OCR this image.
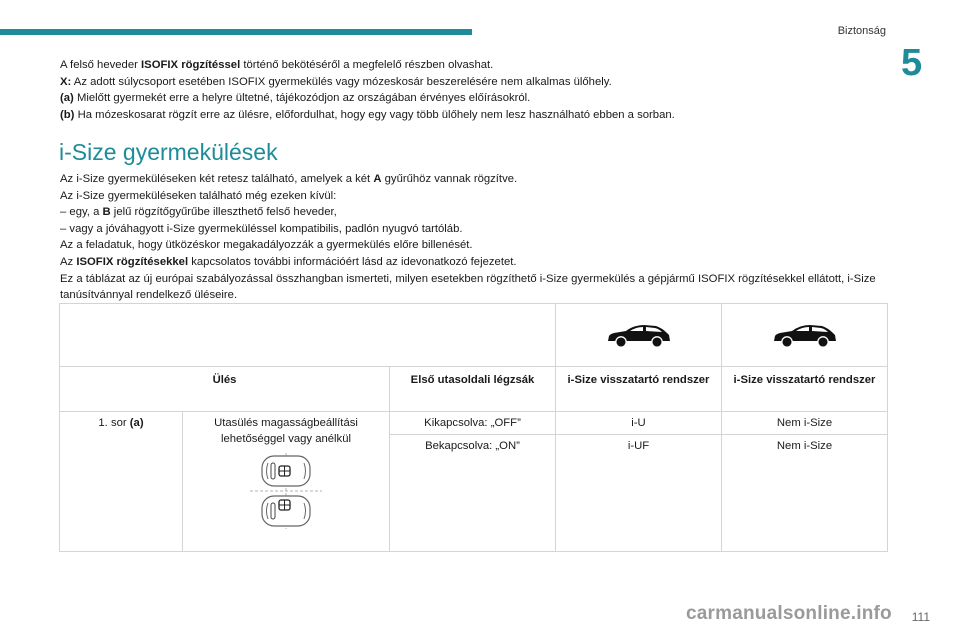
Biztonság
5

A felső heveder ISOFIX rögzítéssel történő bekötéséről a megfelelő részben olvashat.

X: Az adott súlycsoport esetében ISOFIX gyermekülés vagy mózeskosár beszerelésére nem alkalmas ülőhely.

(a) Mielőtt gyermekét erre a helyre ültetné, tájékozódjon az országában érvényes előírásokról.

(b) Ha mózeskosarat rögzít erre az ülésre, előfordulhat, hogy egy vagy több ülőhely nem lesz használható ebben a sorban.

i-Size gyermekülések

Az i-Size gyermeküléseken két retesz található, amelyek a két A gyűrűhöz vannak rögzítve.

Az i-Size gyermeküléseken található még ezeken kívül:

– egy, a B jelű rögzítőgyűrűbe illeszthető felső heveder,

– vagy a jóváhagyott i-Size gyermeküléssel kompatibilis, padlón nyugvó tartóláb.

Az a feladatuk, hogy ütközéskor megakadályozzák a gyermekülés előre billenését.

Az ISOFIX rögzítésekkel kapcsolatos további információért lásd az idevonatkozó fejezetet.

Ez a táblázat az új európai szabályozással összhangban ismerteti, milyen esetekben rögzíthető i-Size gyermekülés a gépjármű ISOFIX rögzítésekkel ellátott, i-Size tanúsítvánnyal rendelkező üléseire.

Ülés		Első utasoldali légzsák	i-Size visszatartó rendszer	i-Size visszatartó rendszer
1. sor (a)	Utasülés magasságbeállítási lehetőséggel vagy anélkül	Kikapcsolva: „OFF”	i-U	Nem i-Size
		Bekapcsolva: „ON”	i-UF	Nem i-Size
carmanualsonline.info 111
